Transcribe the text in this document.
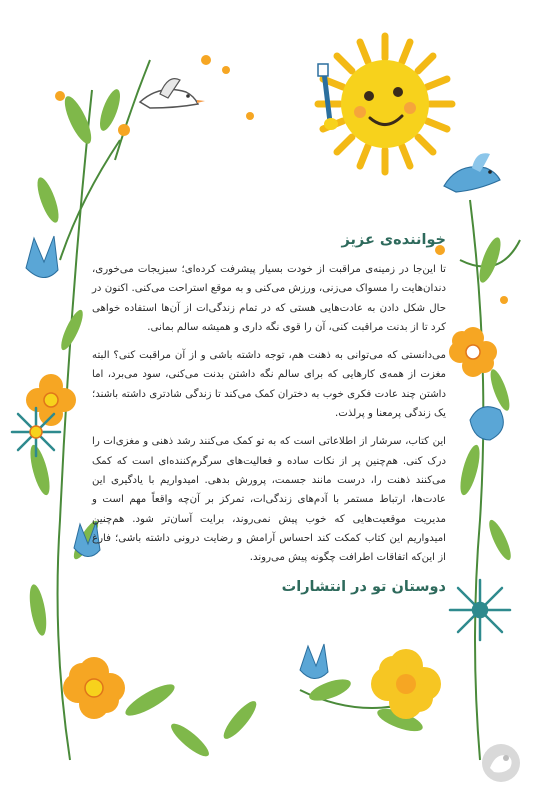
خوانندەی عزیز

تا این‌جا در زمینه‌ی مراقبت از خودت بسیار پیشرفت کرده‌ای؛ سبزیجات می‌خوری، دندان‌هایت را مسواک می‌زنی، ورزش می‌کنی و به موقع استراحت می‌کنی. اکنون در حال شکل دادن به عادت‌هایی هستی که در تمام زندگی‌ات از آن‌ها استفاده خواهی کرد تا از بدنت مراقبت کنی، آن را قوی نگه داری و همیشه سالم بمانی.

می‌دانستی که می‌توانی به ذهنت هم، توجه داشته باشی و از آن مراقبت کنی؟ البته مغزت از همه‌ی کارهایی که برای سالم نگه داشتن بدنت می‌کنی، سود می‌برد، اما داشتن چند عادت فکری خوب به دختران کمک می‌کند تا زندگی شادتری داشته باشند؛ یک زندگی پرمعنا و پرلذت.

این کتاب، سرشار از اطلاعاتی است که به تو کمک می‌کنند رشد ذهنی و مغزی‌ات را درک کنی. هم‌چنین پر از نکات ساده و فعالیت‌های سرگرم‌کننده‌ای است که کمک می‌کنند ذهنت را، درست مانند جسمت، پرورش بدهی. امیدواریم با یادگیری این عادت‌ها، ارتباط مستمر با آدم‌های زندگی‌ات، تمرکز بر آن‌چه واقعاً مهم است و مدیریت موقعیت‌هایی که خوب پیش نمی‌روند، برایت آسان‌تر شود. هم‌چنین امیدواریم این کتاب کمکت کند احساس آرامش و رضایت درونی داشته باشی؛ فارغ از این‌که اتفاقات اطرافت چگونه پیش می‌روند.

دوستان تو در انتشارات
